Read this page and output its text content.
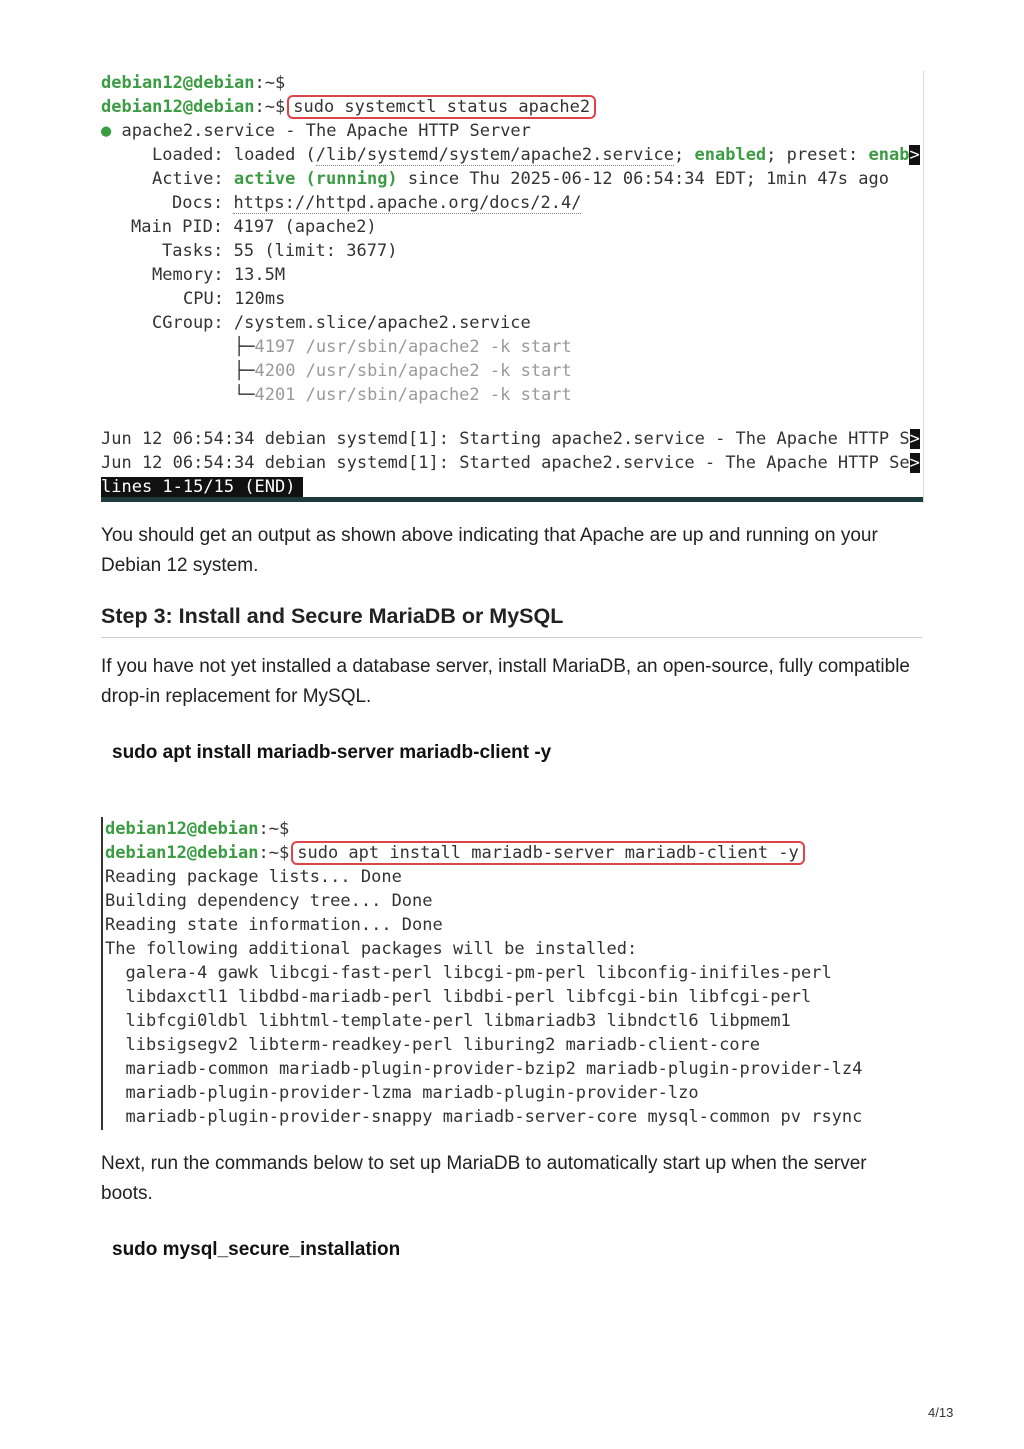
debian12@debian:~$
debian12@debian:~$ sudo systemctl status apache2
● apache2.service - The Apache HTTP Server
Loaded: loaded (/lib/systemd/system/apache2.service; enabled; preset: enab>
Active: active (running) since Thu 2025-06-12 06:54:34 EDT; 1min 47s ago
Docs: https://httpd.apache.org/docs/2.4/
Main PID: 4197 (apache2)
Tasks: 55 (limit: 3677)
Memory: 13.5M
CPU: 120ms
CGroup: /system.slice/apache2.service
├─4197 /usr/sbin/apache2 -k start
├─4200 /usr/sbin/apache2 -k start
└─4201 /usr/sbin/apache2 -k start
Jun 12 06:54:34 debian systemd[1]: Starting apache2.service - The Apache HTTP S>
Jun 12 06:54:34 debian systemd[1]: Started apache2.service - The Apache HTTP Se>
lines 1-15/15 (END)

You should get an output as shown above indicating that Apache are up and running on your Debian 12 system.

Step 3: Install and Secure MariaDB or MySQL

If you have not yet installed a database server, install MariaDB, an open-source, fully compatible drop-in replacement for MySQL.

sudo apt install mariadb-server mariadb-client -y

debian12@debian:~$
debian12@debian:~$ sudo apt install mariadb-server mariadb-client -y
Reading package lists... Done
Building dependency tree... Done
Reading state information... Done
The following additional packages will be installed:
galera-4 gawk libcgi-fast-perl libcgi-pm-perl libconfig-inifiles-perl
libdaxctl1 libdbd-mariadb-perl libdbi-perl libfcgi-bin libfcgi-perl
libfcgi0ldbl libhtml-template-perl libmariadb3 libndctl6 libpmem1
libsigsegv2 libterm-readkey-perl liburing2 mariadb-client-core
mariadb-common mariadb-plugin-provider-bzip2 mariadb-plugin-provider-lz4
mariadb-plugin-provider-lzma mariadb-plugin-provider-lzo
mariadb-plugin-provider-snappy mariadb-server-core mysql-common pv rsync

Next, run the commands below to set up MariaDB to automatically start up when the server boots.

sudo mysql_secure_installation

4/13
